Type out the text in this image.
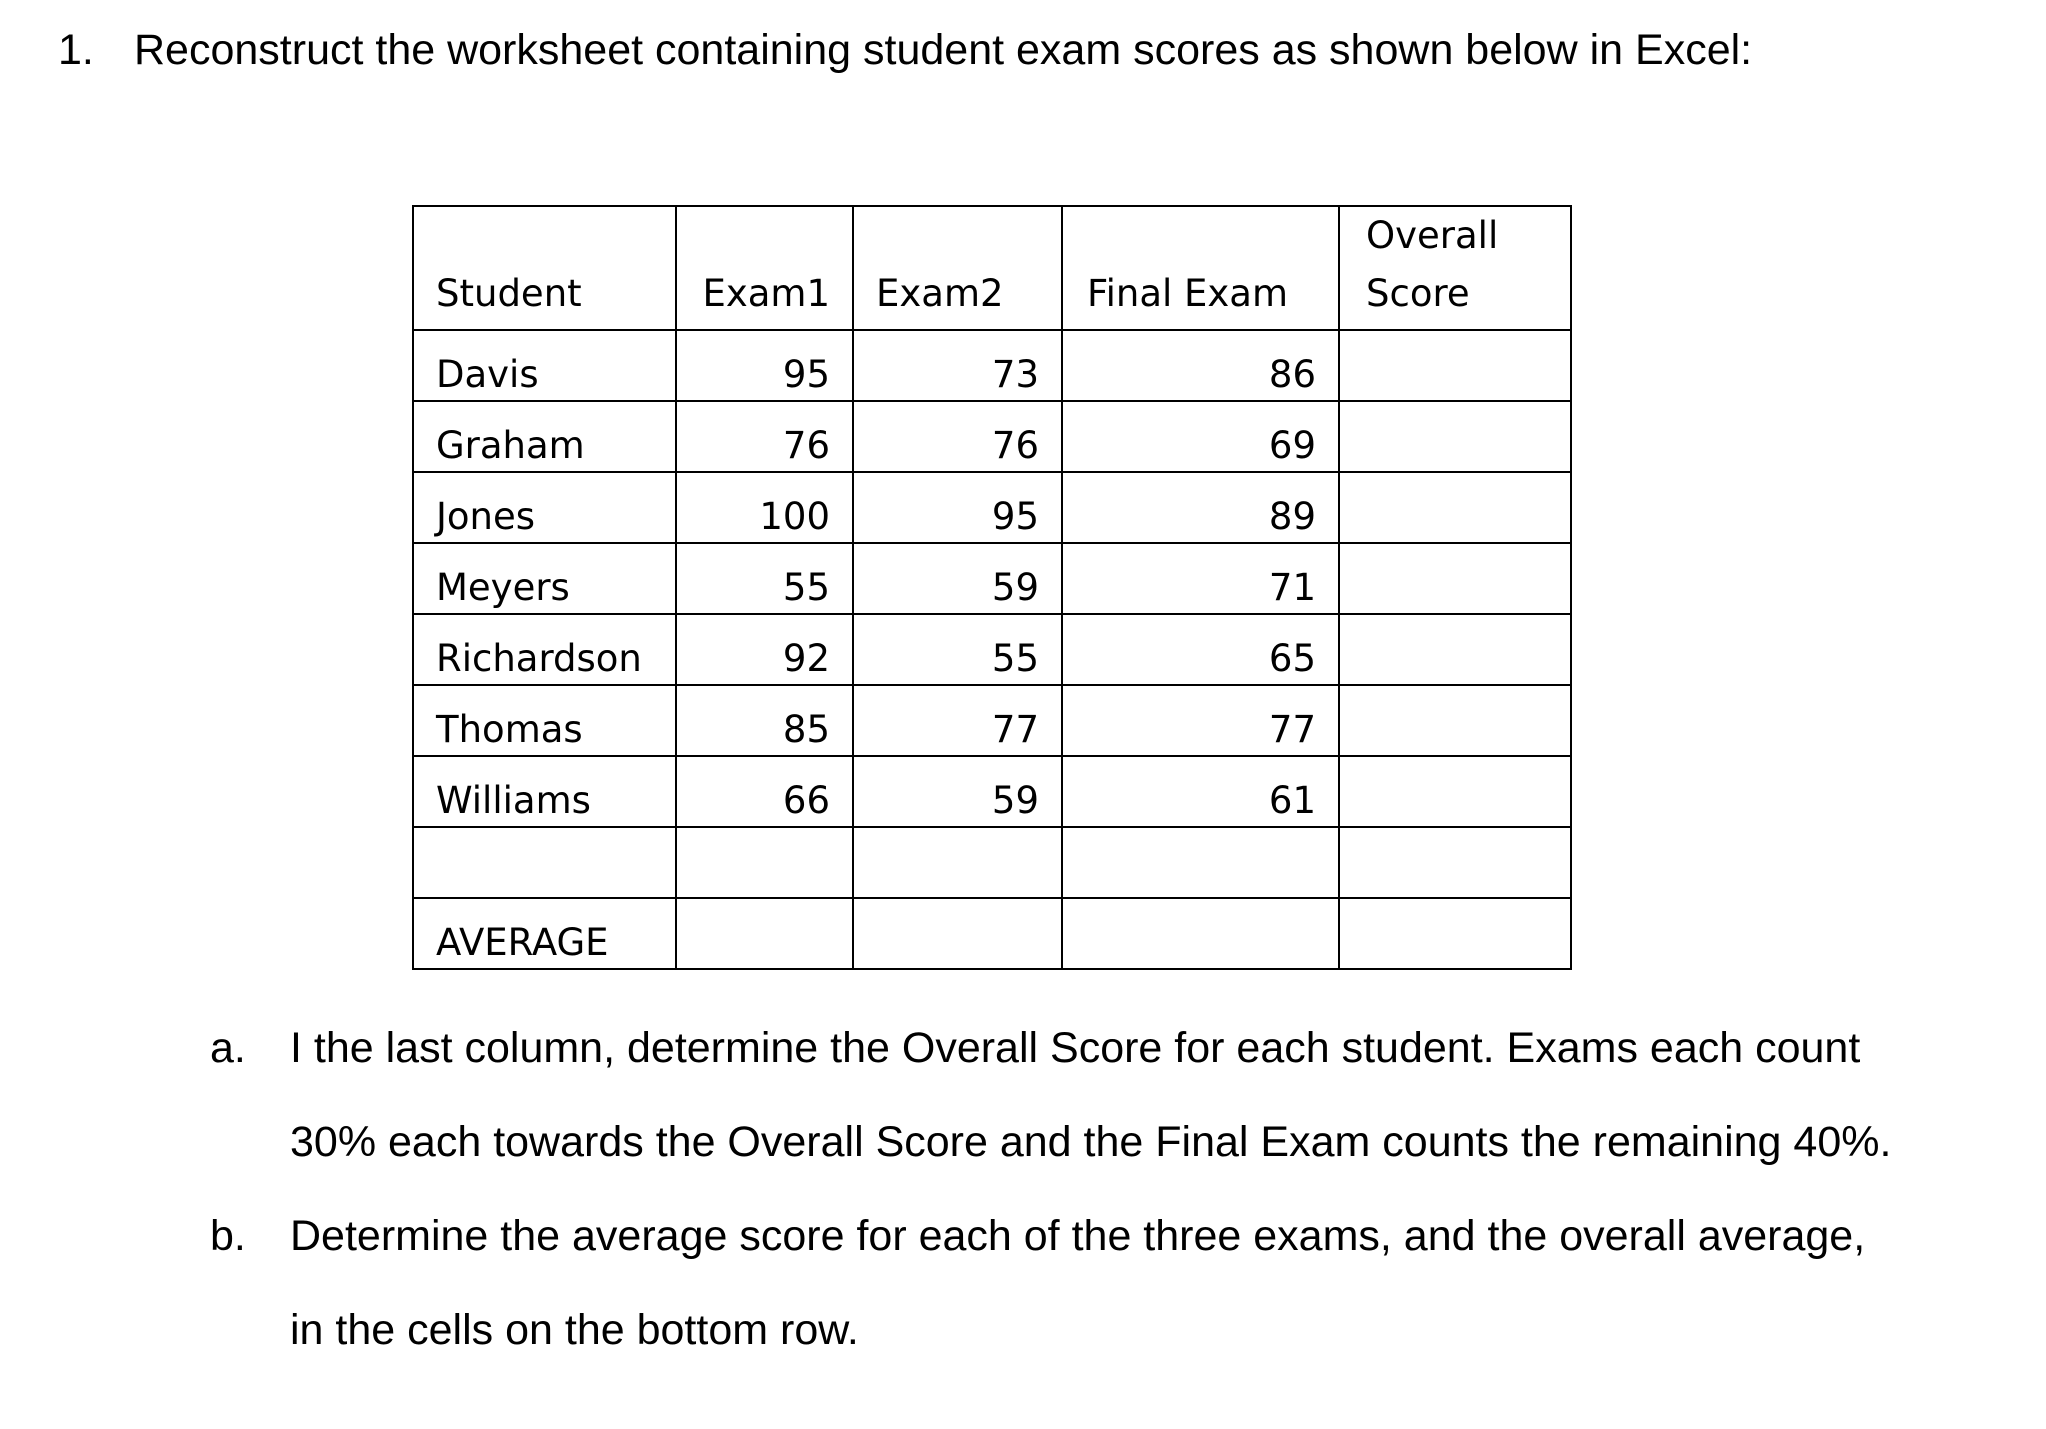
1. Reconstruct the worksheet containing student exam scores as shown below in Excel:
Student	Exam1	Exam2	Final Exam	Overall
Score
Davis	95	73	86	
Graham	76	76	69	
Jones	100	95	89	
Meyers	55	59	71	
Richardson	92	55	65	
Thomas	85	77	77	
Williams	66	59	61	

AVERAGE				
a.	I the last column, determine the Overall Score for each student. Exams each count
30% each towards the Overall Score and the Final Exam counts the remaining 40%.
b.	Determine the average score for each of the three exams, and the overall average,
in the cells on the bottom row.
